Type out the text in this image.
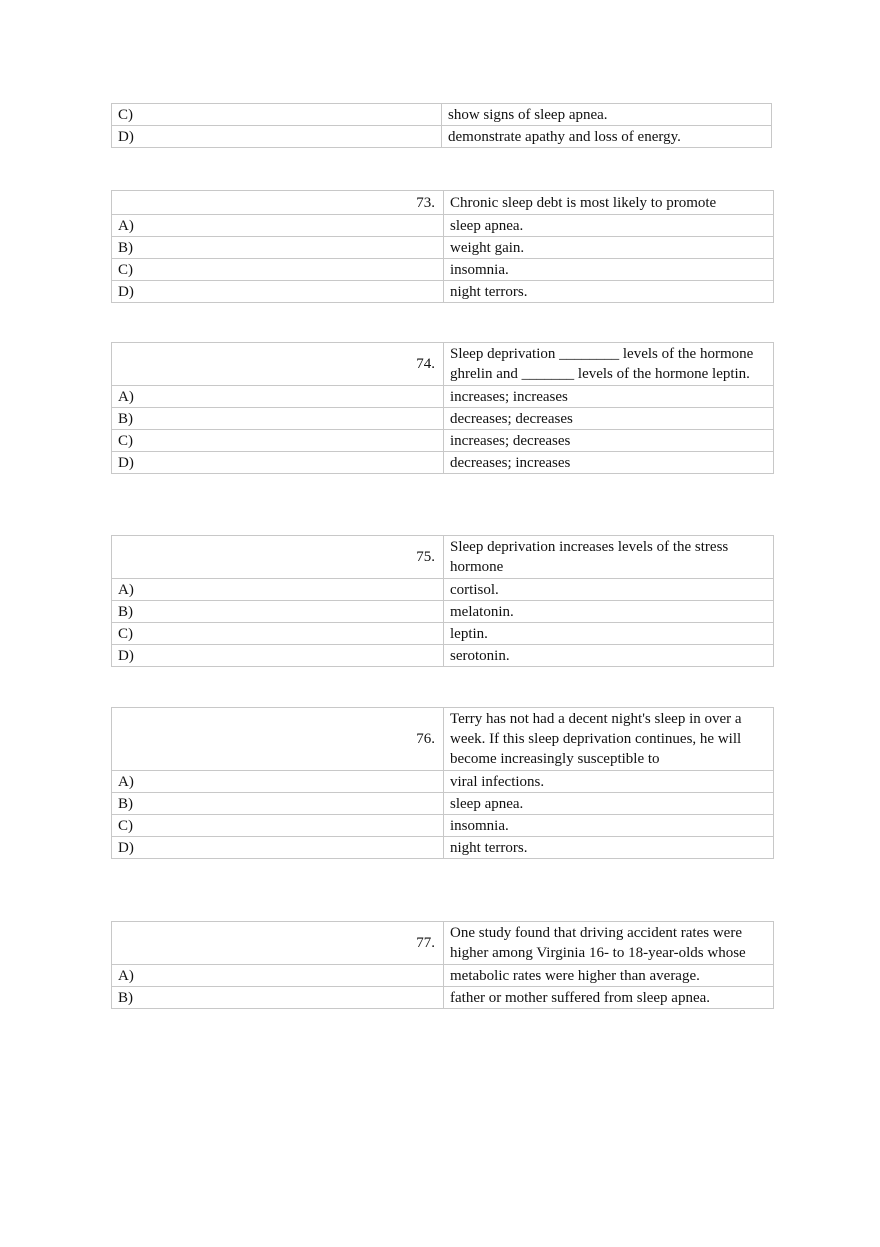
C)	show signs of sleep apnea.
D)	demonstrate apathy and loss of energy.
73.	Chronic sleep debt is most likely to promote
A)	sleep apnea.
B)	weight gain.
C)	insomnia.
D)	night terrors.
74.	Sleep deprivation ________ levels of the hormone ghrelin and _______ levels of the hormone leptin.
A)	increases; increases
B)	decreases; decreases
C)	increases; decreases
D)	decreases; increases
75.	Sleep deprivation increases levels of the stress hormone
A)	cortisol.
B)	melatonin.
C)	leptin.
D)	serotonin.
76.	Terry has not had a decent night's sleep in over a week. If this sleep deprivation continues, he will become increasingly susceptible to
A)	viral infections.
B)	sleep apnea.
C)	insomnia.
D)	night terrors.
77.	One study found that driving accident rates were higher among Virginia 16- to 18-year-olds whose
A)	metabolic rates were higher than average.
B)	father or mother suffered from sleep apnea.
